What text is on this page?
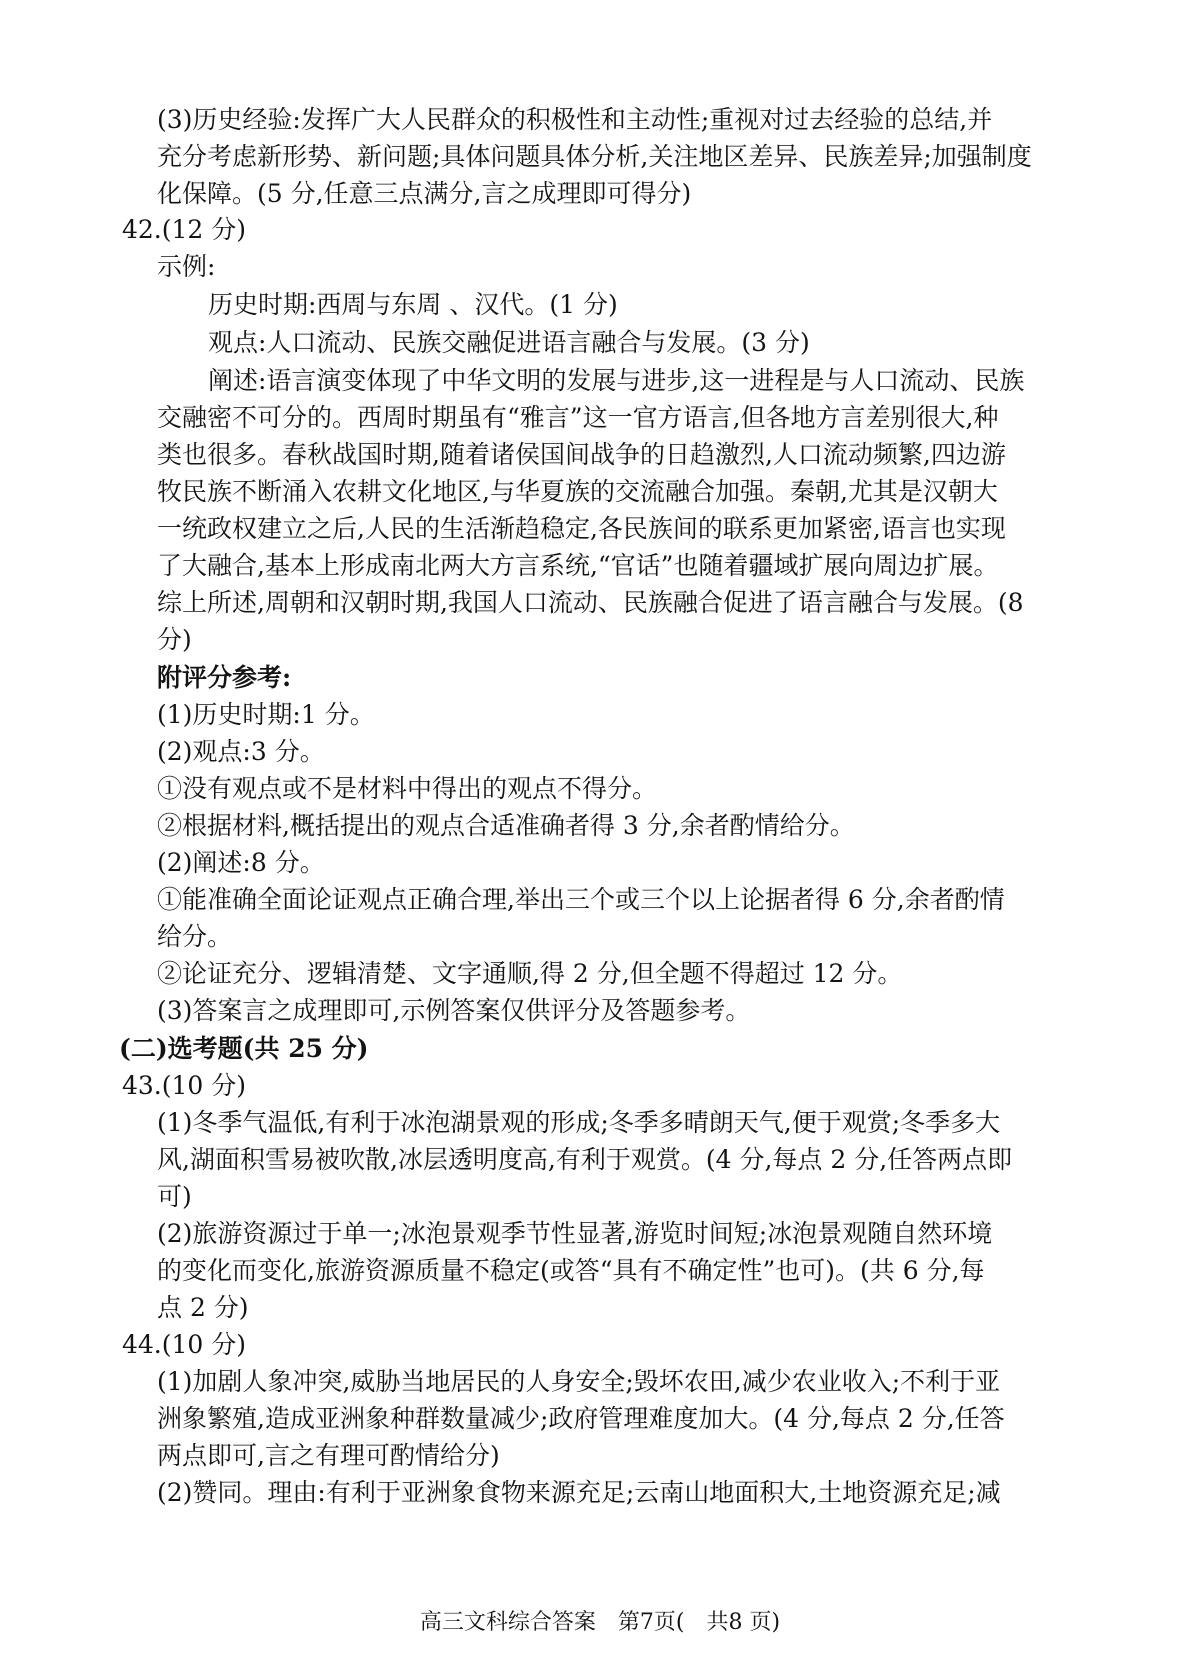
(3)历史经验:发挥广大人民群众的积极性和主动性;重视对过去经验的总结,并
充分考虑新形势、新问题;具体问题具体分析,关注地区差异、民族差异;加强制度
化保障。(5 分,任意三点满分,言之成理即可得分)
42.(12 分)
示例:
历史时期:西周与东周 、汉代。(1 分)
观点:人口流动、民族交融促进语言融合与发展。(3 分)
阐述:语言演变体现了中华文明的发展与进步,这一进程是与人口流动、民族
交融密不可分的。西周时期虽有“雅言”这一官方语言,但各地方言差别很大,种
类也很多。春秋战国时期,随着诸侯国间战争的日趋激烈,人口流动频繁,四边游
牧民族不断涌入农耕文化地区,与华夏族的交流融合加强。秦朝,尤其是汉朝大
一统政权建立之后,人民的生活渐趋稳定,各民族间的联系更加紧密,语言也实现
了大融合,基本上形成南北两大方言系统,“官话”也随着疆域扩展向周边扩展。
综上所述,周朝和汉朝时期,我国人口流动、民族融合促进了语言融合与发展。(8
分)
附评分参考:
(1)历史时期:1 分。
(2)观点:3 分。
①没有观点或不是材料中得出的观点不得分。
②根据材料,概括提出的观点合适准确者得 3 分,余者酌情给分。
(2)阐述:8 分。
①能准确全面论证观点正确合理,举出三个或三个以上论据者得 6 分,余者酌情
给分。
②论证充分、逻辑清楚、文字通顺,得 2 分,但全题不得超过 12 分。
(3)答案言之成理即可,示例答案仅供评分及答题参考。
(二)选考题(共 25 分)
43.(10 分)
(1)冬季气温低,有利于冰泡湖景观的形成;冬季多晴朗天气,便于观赏;冬季多大
风,湖面积雪易被吹散,冰层透明度高,有利于观赏。(4 分,每点 2 分,任答两点即
可)
(2)旅游资源过于单一;冰泡景观季节性显著,游览时间短;冰泡景观随自然环境
的变化而变化,旅游资源质量不稳定(或答“具有不确定性”也可)。(共 6 分,每
点 2 分)
44.(10 分)
(1)加剧人象冲突,威胁当地居民的人身安全;毁坏农田,减少农业收入;不利于亚
洲象繁殖,造成亚洲象种群数量减少;政府管理难度加大。(4 分,每点 2 分,任答
两点即可,言之有理可酌情给分)
(2)赞同。理由:有利于亚洲象食物来源充足;云南山地面积大,土地资源充足;减
高三文科综合答案　第7页(　共8 页)
